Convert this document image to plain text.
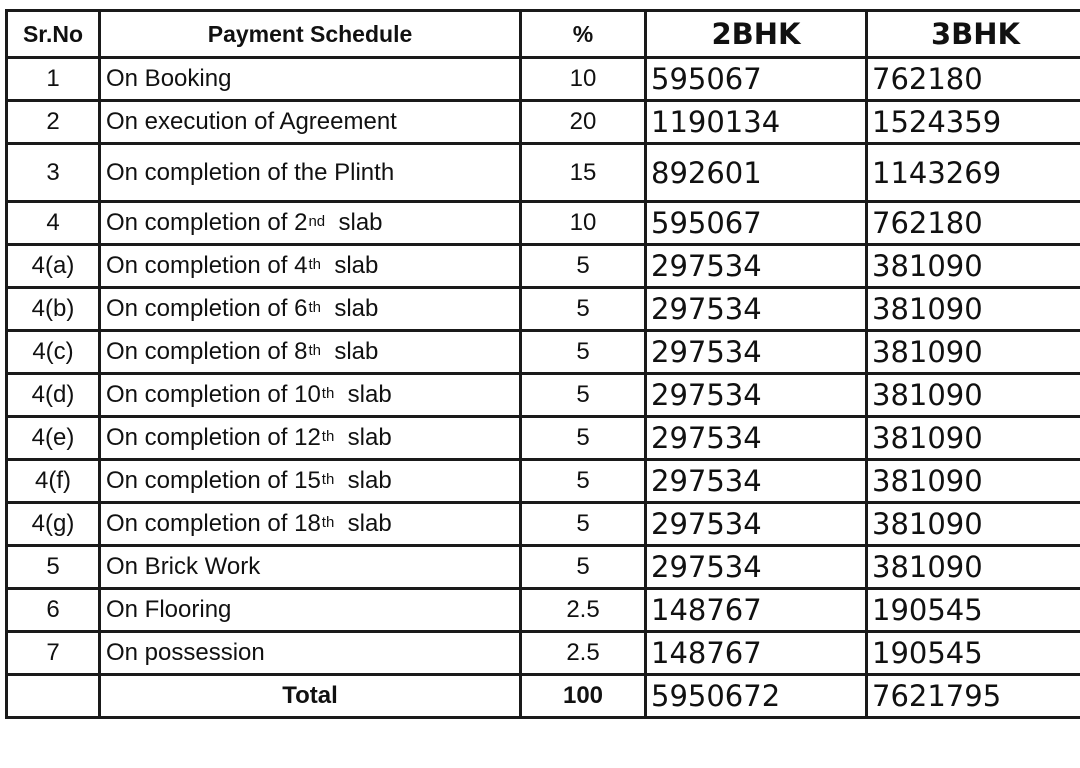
Sr.No	Payment Schedule	%	2BHK	3BHK
1	On Booking	10	595067	762180
2	On execution of Agreement	20	1190134	1524359
3	On completion of the Plinth	15	892601	1143269
4	On completion of 2nd slab	10	595067	762180
4(a)	On completion of 4th slab	5	297534	381090
4(b)	On completion of 6th slab	5	297534	381090
4(c)	On completion of 8th slab	5	297534	381090
4(d)	On completion of 10th slab	5	297534	381090
4(e)	On completion of 12th slab	5	297534	381090
4(f)	On completion of 15th slab	5	297534	381090
4(g)	On completion of 18th slab	5	297534	381090
5	On Brick Work	5	297534	381090
6	On Flooring	2.5	148767	190545
7	On possession	2.5	148767	190545
	Total	100	5950672	7621795
